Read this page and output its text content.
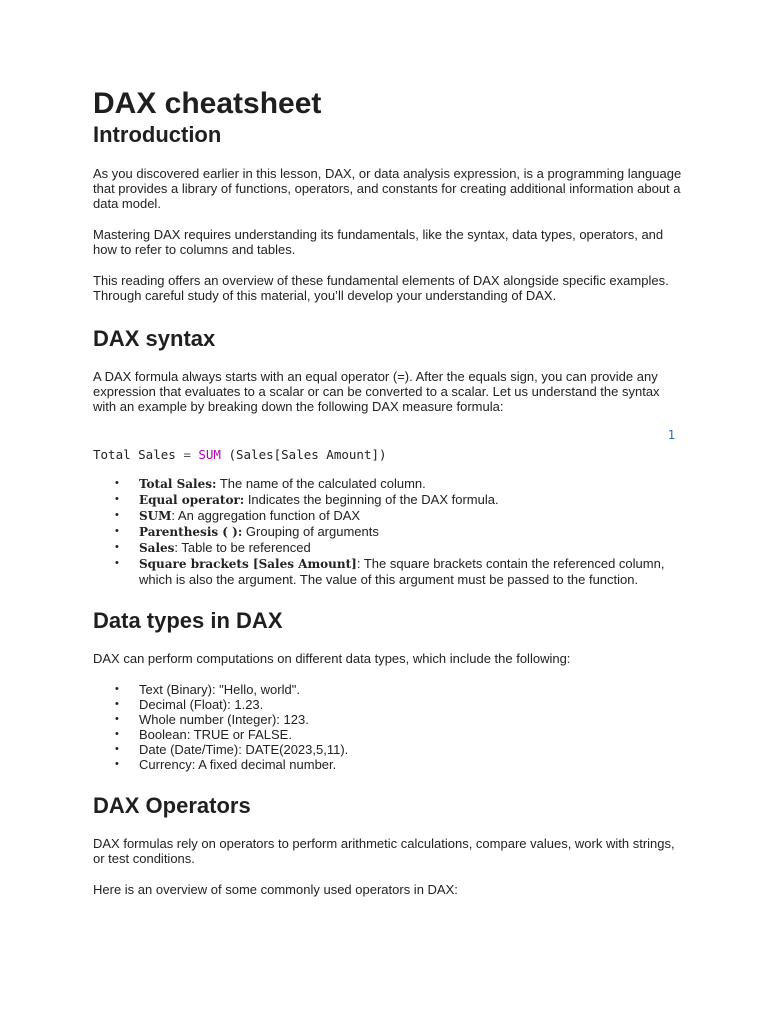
DAX cheatsheet
Introduction

As you discovered earlier in this lesson, DAX, or data analysis expression, is a programming language that provides a library of functions, operators, and constants for creating additional information about a data model.

Mastering DAX requires understanding its fundamentals, like the syntax, data types, operators, and how to refer to columns and tables.

This reading offers an overview of these fundamental elements of DAX alongside specific examples. Through careful study of this material, you’ll develop your understanding of DAX.

DAX syntax

A DAX formula always starts with an equal operator (=). After the equals sign, you can provide any expression that evaluates to a scalar or can be converted to a scalar. Let us understand the syntax with an example by breaking down the following DAX measure formula:

1
Total Sales = SUM (Sales[Sales Amount])
• Total Sales: The name of the calculated column.
• Equal operator: Indicates the beginning of the DAX formula.
• SUM: An aggregation function of DAX
• Parenthesis ( ): Grouping of arguments
• Sales: Table to be referenced
• Square brackets [Sales Amount]: The square brackets contain the referenced column, which is also the argument. The value of this argument must be passed to the function.
Data types in DAX

DAX can perform computations on different data types, which include the following:

• Text (Binary): "Hello, world".
• Decimal (Float): 1.23.
• Whole number (Integer): 123.
• Boolean: TRUE or FALSE.
• Date (Date/Time): DATE(2023,5,11).
• Currency: A fixed decimal number.
DAX Operators

DAX formulas rely on operators to perform arithmetic calculations, compare values, work with strings, or test conditions.

Here is an overview of some commonly used operators in DAX:
